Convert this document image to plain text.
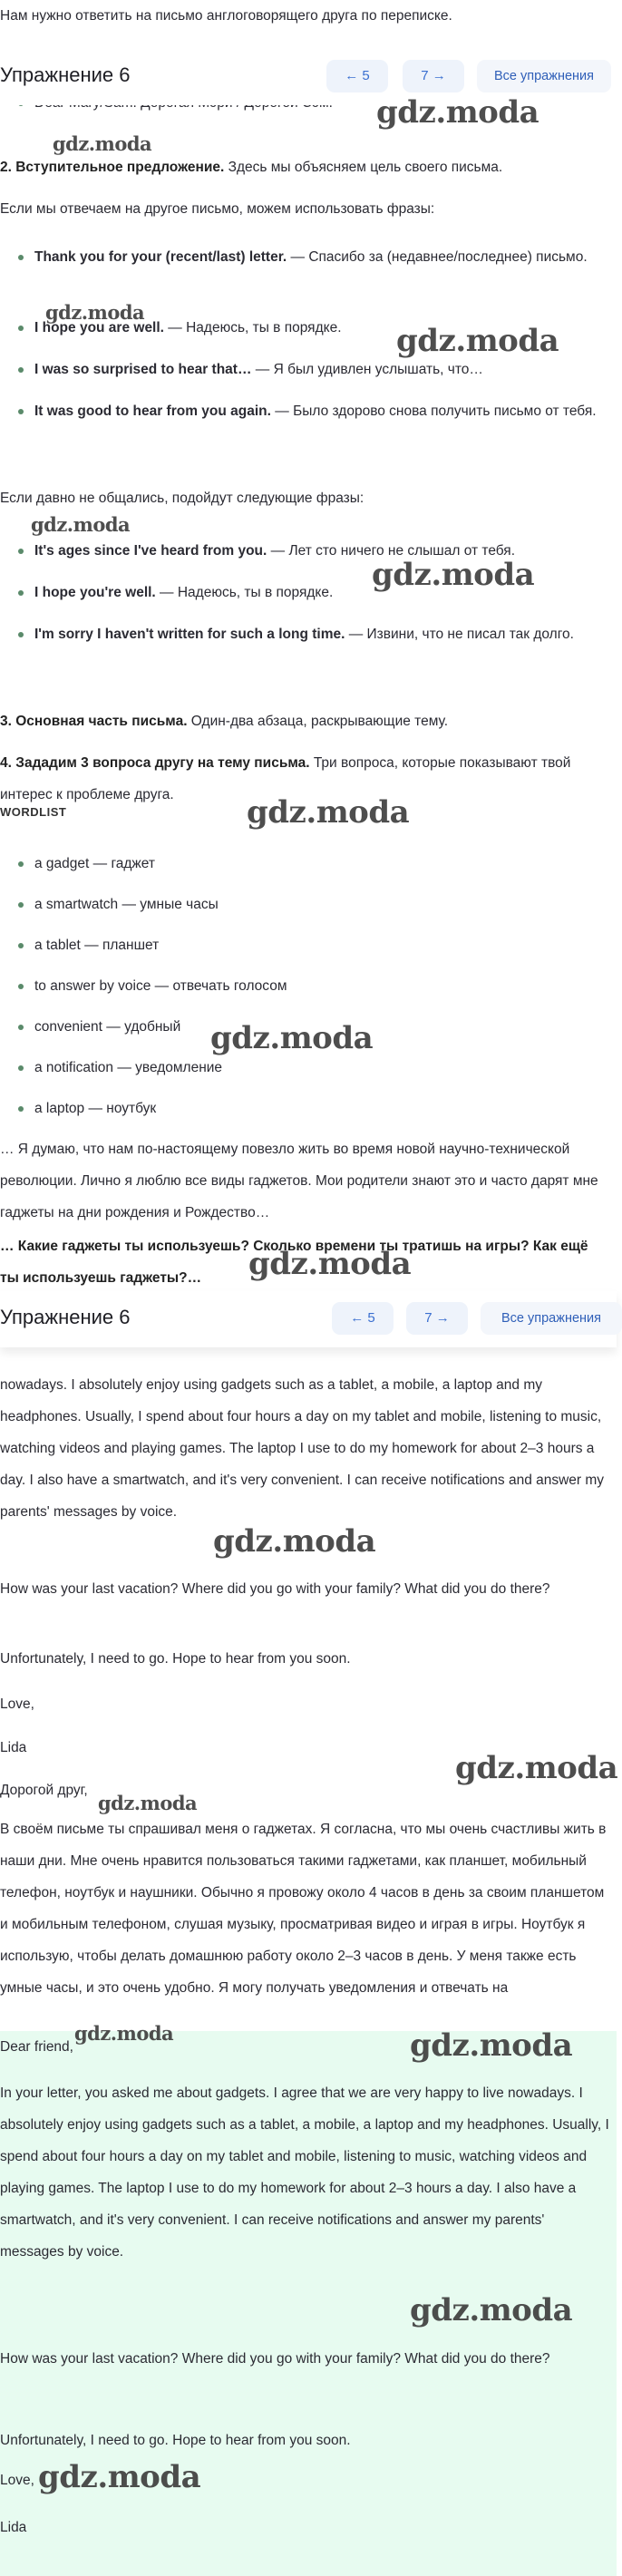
Нам нужно ответить на письмо англоговорящего друга по переписке.

Упражнение 6	← 5	7 →	Все упражнения
gdz.moda
gdz.moda

2. Вступительное предложение. Здесь мы объясняем цель своего письма.

Если мы отвечаем на другое письмо, можем использовать фразы:

Thank you for your (recent/last) letter. — Спасибо за (недавнее/последнее) письмо.
gdz.moda
I hope you are well. — Надеюсь, ты в порядке.	gdz.moda
I was so surprised to hear that… — Я был удивлен услышать, что…
It was good to hear from you again. — Было здорово снова получить письмо от тебя.

Если давно не общались, подойдут следующие фразы:

gdz.moda
It's ages since I've heard from you. — Лет сто ничего не слышал от тебя.
gdz.moda
I hope you're well. — Надеюсь, ты в порядке.
I'm sorry I haven't written for such a long time. — Извини, что не писал так долго.

3. Основная часть письма. Один-два абзаца, раскрывающие тему.

4. Зададим 3 вопроса другу на тему письма. Три вопроса, которые показывают твой интерес к проблеме друга.

WORDLIST	gdz.moda
a gadget — гаджет
a smartwatch — умные часы
a tablet — планшет
to answer by voice — отвечать голосом
convenient — удобный gdz.moda
a notification — уведомление
a laptop — ноутбук

… Я думаю, что нам по-настоящему повезло жить во время новой научно-технической революции. Лично я люблю все виды гаджетов. Мои родители знают это и часто дарят мне гаджеты на дни рождения и Рождество…

… Какие гаджеты ты используешь? Сколько времени ты тратишь на игры? Как ещё ты используешь гаджеты?…	gdz.moda
Упражнение 6	← 5	7 →	Все упражнения

nowadays. I absolutely enjoy using gadgets such as a tablet, a mobile, a laptop and my headphones. Usually, I spend about four hours a day on my tablet and mobile, listening to music, watching videos and playing games. The laptop I use to do my homework for about 2–3 hours a day. I also have a smartwatch, and it's very convenient. I can receive notifications and answer my parents' messages by voice.

gdz.moda

How was your last vacation? Where did you go with your family? What did you do there?

Unfortunately, I need to go. Hope to hear from you soon.

Love,

Lida

gdz.moda

Дорогой друг,

gdz.moda

В своём письме ты спрашивал меня о гаджетах. Я согласна, что мы очень счастливы жить в наши дни. Мне очень нравится пользоваться такими гаджетами, как планшет, мобильный телефон, ноутбук и наушники. Обычно я провожу около 4 часов в день за своим планшетом и мобильным телефоном, слушая музыку, просматривая видео и играя в игры. Ноутбук я использую, чтобы делать домашнюю работу около 2–3 часов в день. У меня также есть умные часы, и это очень удобно. Я могу получать уведомления и отвечать на

Dear friend,

gdz.moda	gdz.moda

In your letter, you asked me about gadgets. I agree that we are very happy to live nowadays. I absolutely enjoy using gadgets such as a tablet, a mobile, a laptop and my headphones. Usually, I spend about four hours a day on my tablet and mobile, listening to music, watching videos and playing games. The laptop I use to do my homework for about 2–3 hours a day. I also have a smartwatch, and it's very convenient. I can receive notifications and answer my parents' messages by voice.

gdz.moda

How was your last vacation? Where did you go with your family? What did you do there?

Unfortunately, I need to go. Hope to hear from you soon.

Love, gdz.moda

Lida
